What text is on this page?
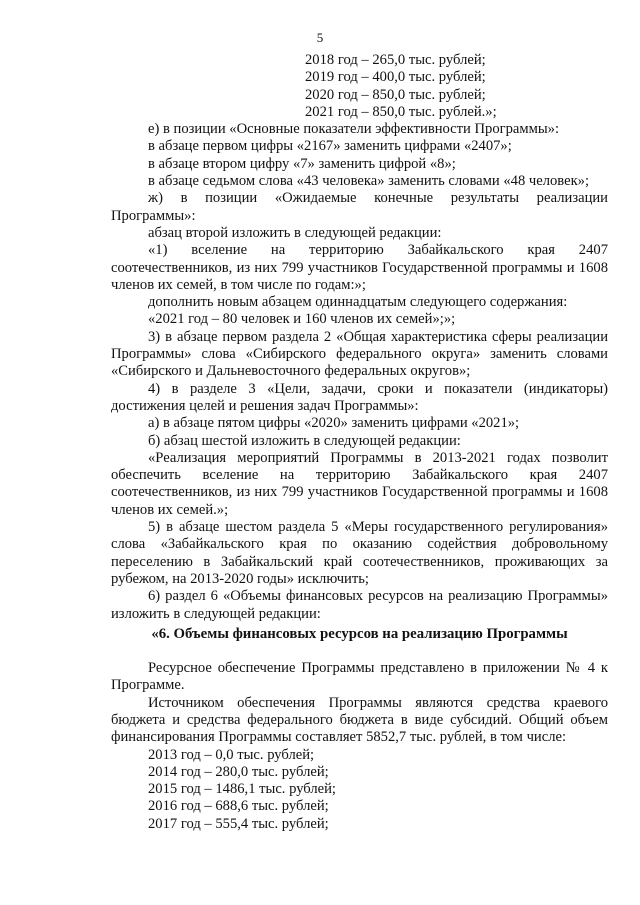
5

2018 год – 265,0 тыс. рублей;

2019 год – 400,0 тыс. рублей;

2020 год – 850,0 тыс. рублей;

2021 год – 850,0 тыс. рублей.»;

е) в позиции «Основные показатели эффективности Программы»:

в абзаце первом цифры «2167» заменить цифрами «2407»;

в абзаце втором цифру «7» заменить цифрой «8»;

в абзаце седьмом слова «43 человека» заменить словами «48 человек»;

ж) в позиции «Ожидаемые конечные результаты реализации Программы»:

абзац второй изложить в следующей редакции:

«1) вселение на территорию Забайкальского края 2407 соотечественников, из них 799 участников Государственной программы и 1608 членов их семей, в том числе по годам:»;

дополнить новым абзацем одиннадцатым следующего содержания:

«2021 год – 80 человек и 160 членов их семей»;»;

3) в абзаце первом раздела 2 «Общая характеристика сферы реализации Программы» слова «Сибирского федерального округа» заменить словами «Сибирского и Дальневосточного федеральных округов»;

4) в разделе 3 «Цели, задачи, сроки и показатели (индикаторы) достижения целей и решения задач Программы»:

а) в абзаце пятом цифры «2020» заменить цифрами «2021»;

б) абзац шестой изложить в следующей редакции:

«Реализация мероприятий Программы в 2013-2021 годах позволит обеспечить вселение на территорию Забайкальского края 2407 соотечественников, из них 799 участников Государственной программы и 1608 членов их семей.»;

5) в абзаце шестом раздела 5 «Меры государственного регулирования» слова «Забайкальского края по оказанию содействия добровольному переселению в Забайкальский край соотечественников, проживающих за рубежом, на 2013-2020 годы» исключить;

6) раздел 6 «Объемы финансовых ресурсов на реализацию Программы» изложить в следующей редакции:

«6. Объемы финансовых ресурсов на реализацию Программы

Ресурсное обеспечение Программы представлено в приложении № 4 к Программе.

Источником обеспечения Программы являются средства краевого бюджета и средства федерального бюджета в виде субсидий. Общий объем финансирования Программы составляет 5852,7 тыс. рублей, в том числе:

2013 год – 0,0 тыс. рублей;

2014 год – 280,0 тыс. рублей;

2015 год – 1486,1 тыс. рублей;

2016 год – 688,6 тыс. рублей;

2017 год – 555,4 тыс. рублей;
